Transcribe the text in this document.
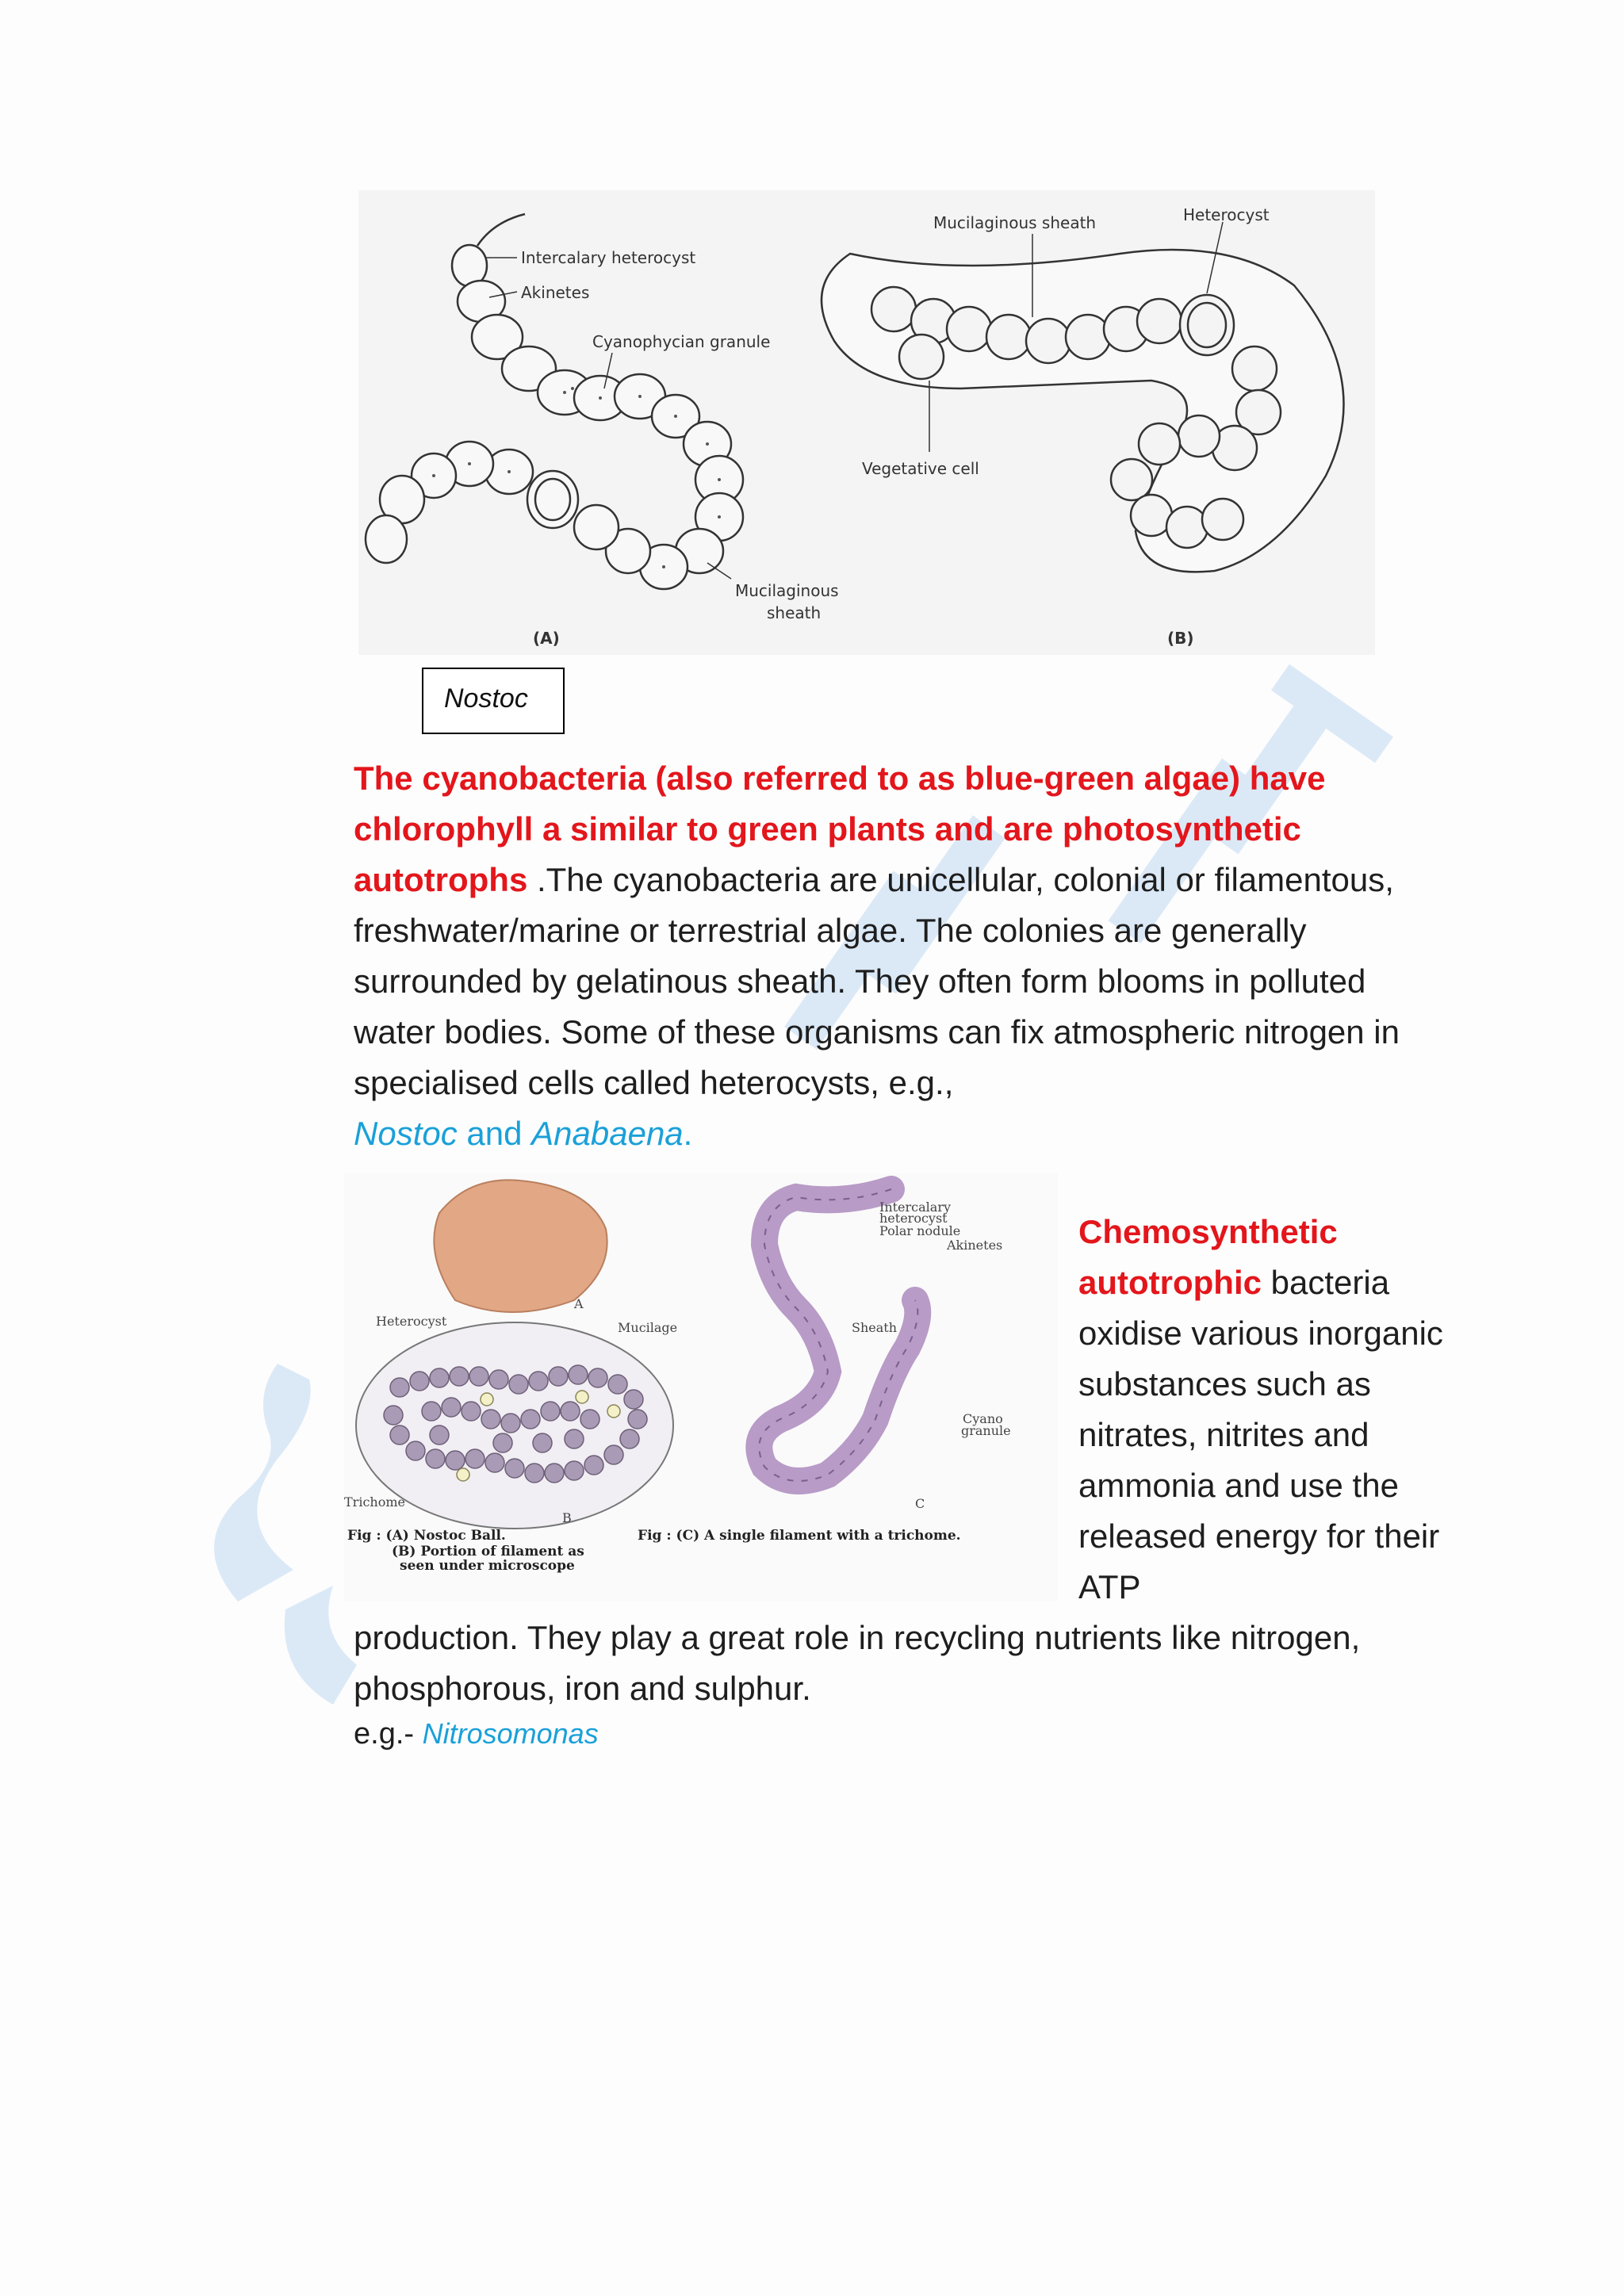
Intercalary heterocyst
Akinetes
Cyanophycian granule
Mucilaginous
sheath
(A)
Mucilaginous sheath	Heterocyst
Vegetative cell
(B)
Nostoc
The cyanobacteria (also referred to as blue-green algae) have chlorophyll a similar to green plants and are photosynthetic autotrophs .The cyanobacteria are unicellular, colonial or filamentous, freshwater/marine or terrestrial algae. The colonies are generally surrounded by gelatinous sheath. They often form blooms in polluted water bodies. Some of these organisms can fix atmospheric nitrogen in specialised cells called heterocysts, e.g.,
Nostoc and Anabaena.
A
Heterocyst	Mucilage
Trichome
B
Fig : (A) Nostoc Ball.
(B) Portion of filament as
seen under microscope
Intercalary
heterocyst
Polar nodule
Akinetes
Sheath
Cyano
granule
C
Fig : (C) A single filament with a trichome.
Chemosynthetic
autotrophic bacteria oxidise various inorganic substances such as nitrates, nitrites and ammonia and use the released energy for their ATP
production. They play a great role in recycling nutrients like nitrogen, phosphorous, iron and sulphur.
e.g.- Nitrosomonas
